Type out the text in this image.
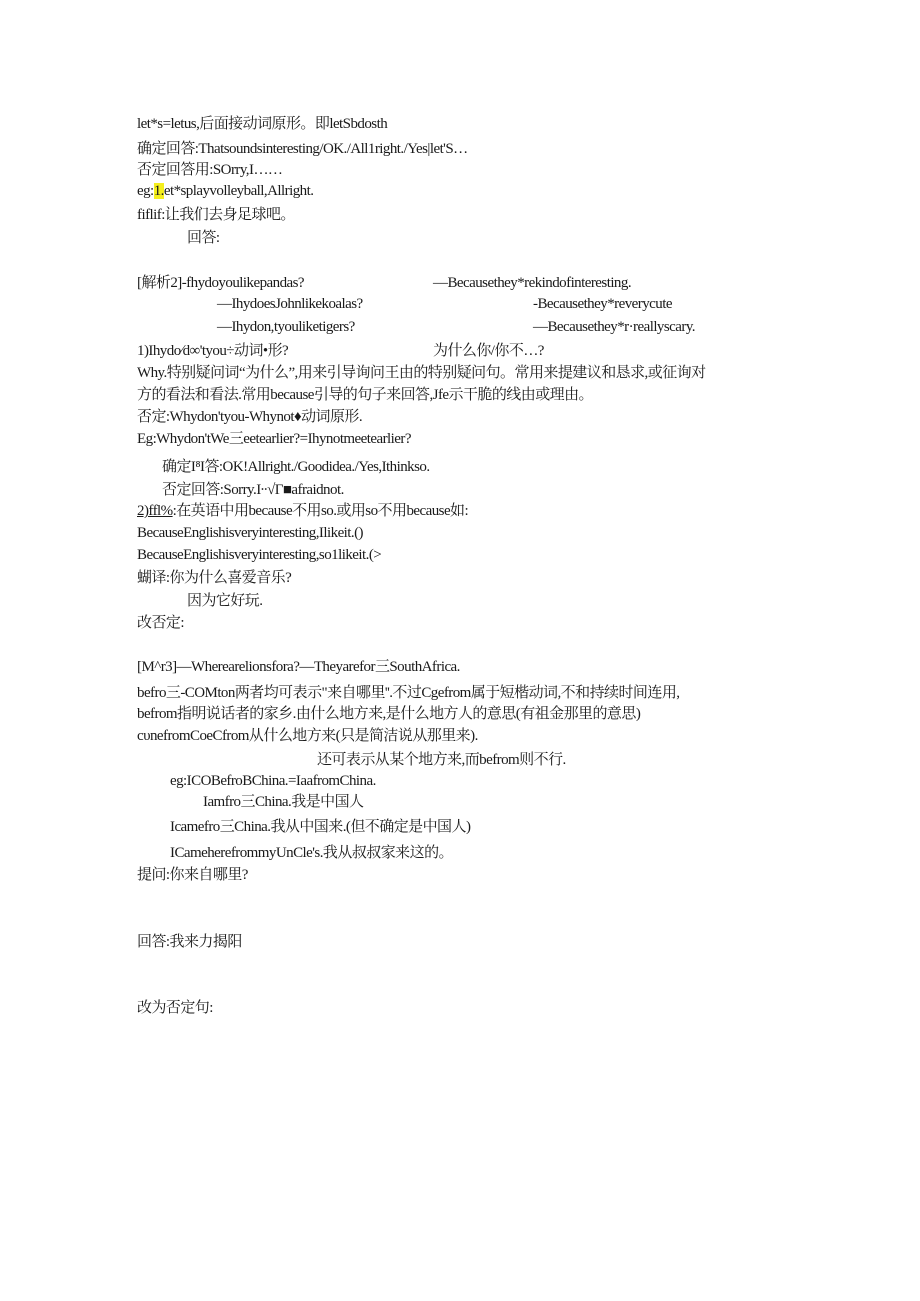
let*s=letus,后面接动词原形。即letSbdosth
确定回答:Thatsoundsinteresting/OK./All1right./Yes|let'S…
否定回答用:SOrry,I……
eg:1.et*splayvolleyball,Allright.
fiflif:让我们去身足球吧。
回答:
[解析2]-fhydoyoulikepandas?	—Becausethey*rekindofinteresting.
—IhydoesJohnlikekoalas?	-Becausethey*reverycute
—Ihydon,tyouliketigers?	—Becausethey*r·reallyscary.
1)Ihydo∕d∞'tyou÷动词•形?	为什么你/你不…?
Why.特别疑问词“为什么”,用来引导询问王由的特别疑问句。常用来提建议和恳求,或征询对
方的看法和看法.常用because引导的句子来回答,Jfe示干脆的线由或理由。
否定:Whydon'tyou-Whynot♦动词原形.
Eg:Whydon'tWe三eetearlier?=Ihynotmeetearlier?
确定I⁸I答:OK!Allright./Goodidea./Yes,Ithinkso.
否定回答:Sorry.I∙∙√Γ■afraidnot.
2)ffl%:在英语中用because不用so.或用so不用because如:
BecauseEnglishisveryinteresting,Ilikeit.()
BecauseEnglishisveryinteresting,so1likeit.(>
蝴译:你为什么喜爱音乐?
因为它好玩.
改否定:
[M^r3]—Wherearelionsfora?—Theyarefor三SouthAfrica.
befro三-COMton两者均可表示"来自哪里''.不过Cgefrom属于短楷动词,不和持续时间连用,
befrom指明说话者的家乡.由什么地方来,是什么地方人的意思(有祖金那里的意思)
cυnefromCoeCfrom从什么地方来(只是简洁说从那里来).
还可表示从某个地方来,而befrom则不行.
eg:ICOBefroBChina.=IaafromChina.
Iamfro三China.我是中国人
Icamefro三China.我从中国来.(但不确定是中国人)
ICameherefrommyUnCle's.我从叔叔家来这的。
提问:你来自哪里?
回答:我来力揭阳
改为否定句:
